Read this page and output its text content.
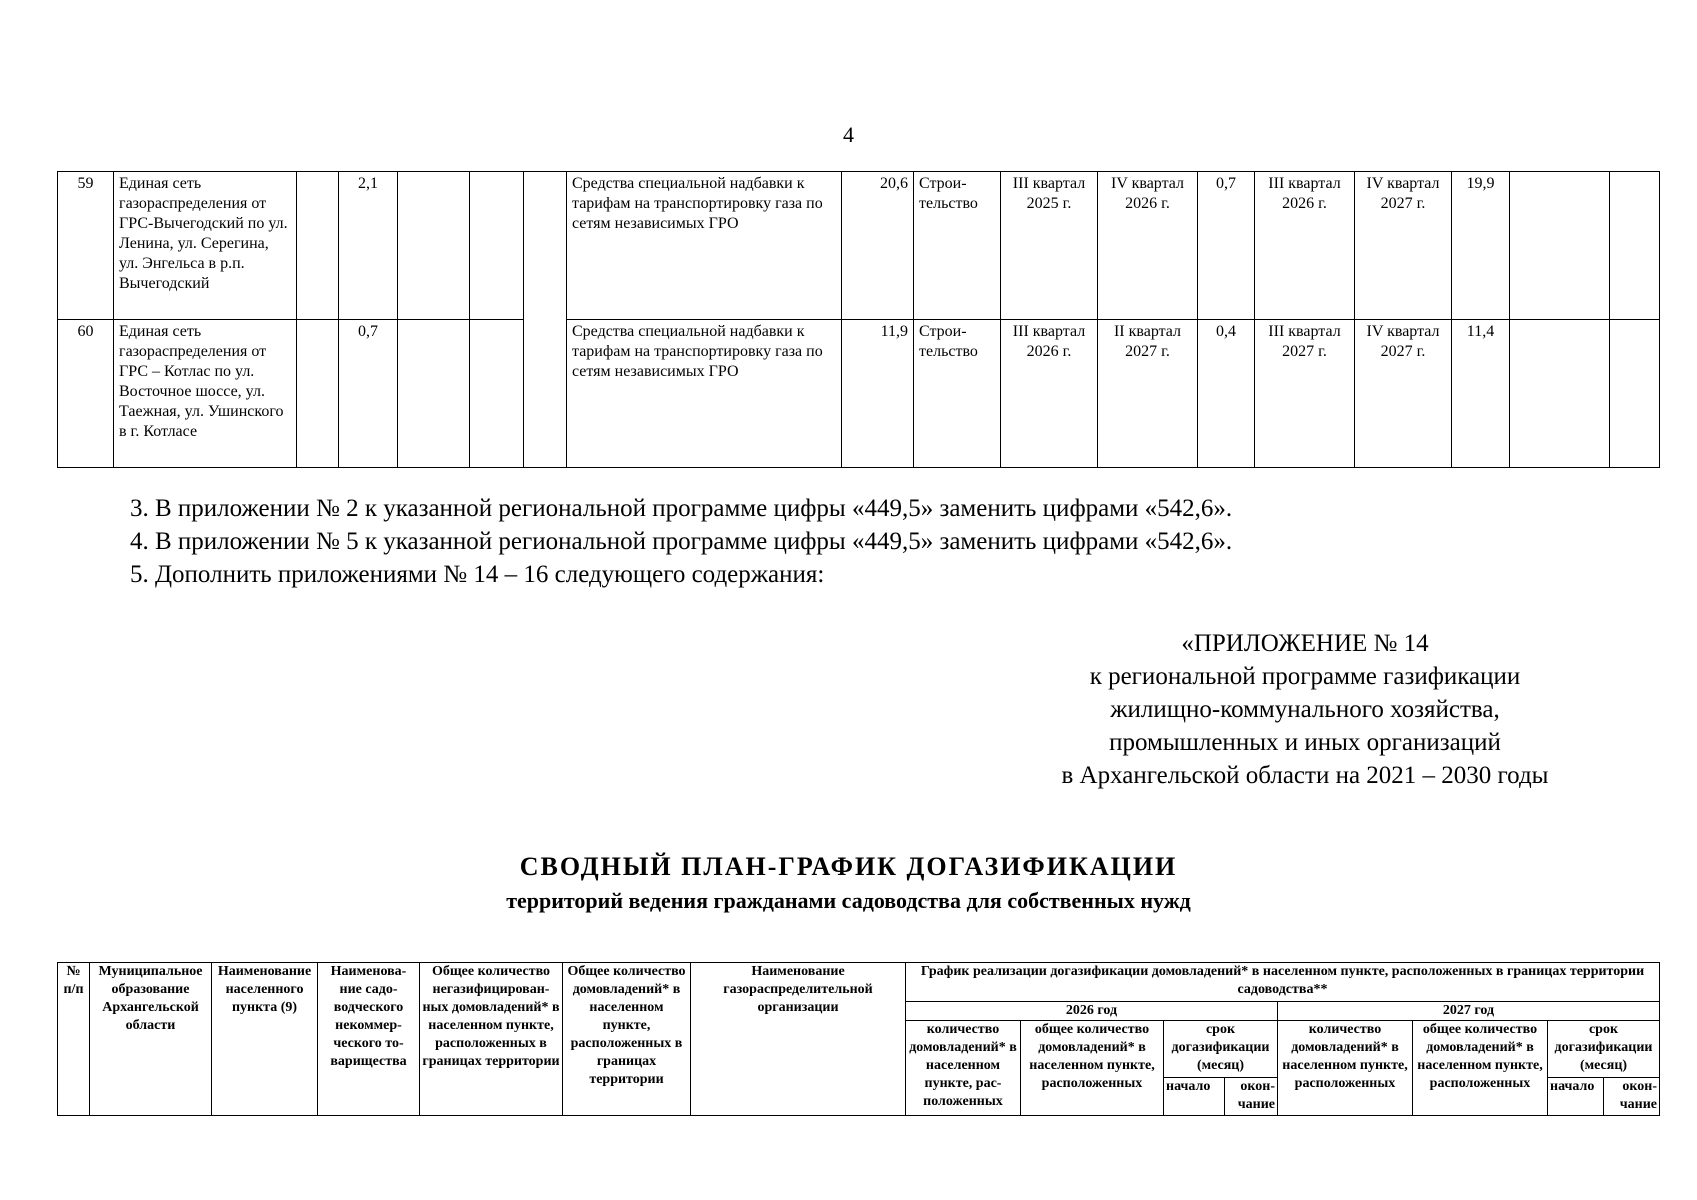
4
59	Единая сеть газораспределения от ГРС-Вычегодский по ул. Ленина, ул. Серегина, ул. Энгельса в р.п. Вычегодский		2,1				Средства специальной надбавки к тарифам на транспортировку газа по сетям независимых ГРО	20,6	Строи-тельство	III квартал 2025 г.	IV квартал 2026 г.	0,7	III квартал 2026 г.	IV квартал 2027 г.	19,9		
60	Единая сеть газораспределения от ГРС – Котлас по ул. Восточное шоссе, ул. Таежная, ул. Ушинского в г. Котласе		0,7				Средства специальной надбавки к тарифам на транспортировку газа по сетям независимых ГРО	11,9	Строи-тельство	III квартал 2026 г.	II квартал 2027 г.	0,4	III квартал 2027 г.	IV квартал 2027 г.	11,4		
3. В приложении № 2 к указанной региональной программе цифры «449,5» заменить цифрами «542,6».
4. В приложении № 5 к указанной региональной программе цифры «449,5» заменить цифрами «542,6».
5. Дополнить приложениями № 14 – 16 следующего содержания:
«ПРИЛОЖЕНИЕ № 14
к региональной программе газификации
жилищно-коммунального хозяйства,
промышленных и иных организаций
в Архангельской области на 2021 – 2030 годы
СВОДНЫЙ ПЛАН-ГРАФИК ДОГАЗИФИКАЦИИ
территорий ведения гражданами садоводства для собственных нужд
№ п/п	Муниципальное образование Архангельской области	Наименование населенного пункта (9)	Наименова-ние садо-водческого некоммер-ческого то-варищества	Общее количество негазифицирован-ных домовладений* в населенном пункте, расположенных в границах территории	Общее количество домовладений* в населенном пункте, расположенных в границах территории	Наименование газораспределительной организации	График реализации догазификации домовладений* в населенном пункте, расположенных в границах территории садоводства**							
							2026 год				2027 год			
							количество домовладений* в населенном пункте, рас-положенных	общее количество домовладений* в населенном пункте, расположенных	срок догазификации (месяц)		количество домовладений* в населенном пункте, расположенных	общее количество домовладений* в населенном пункте, расположенных	срок догазификации (месяц)	
									начало	окон-чание			начало	окон-чание
